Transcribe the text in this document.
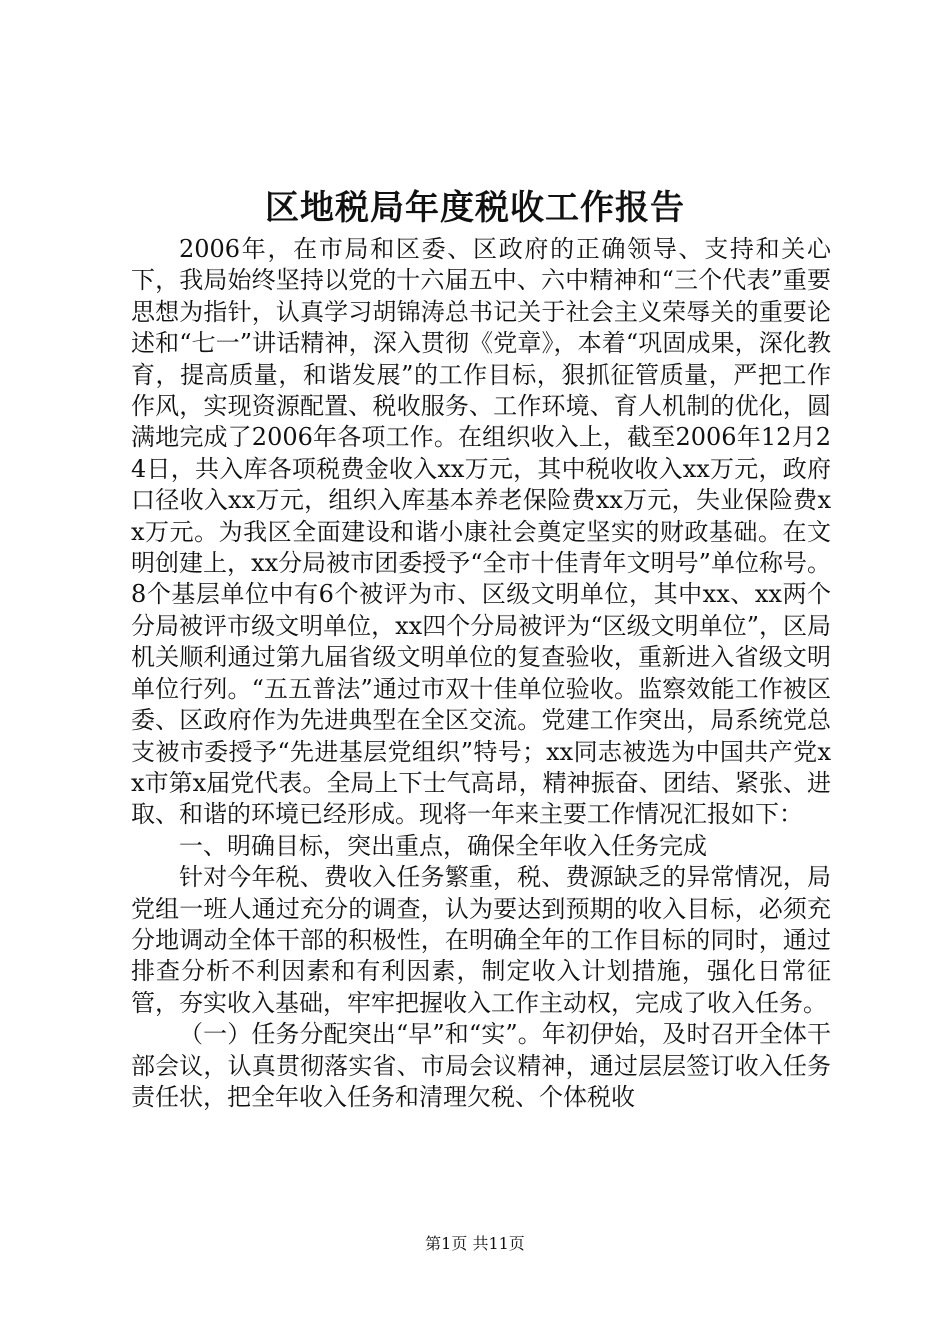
区地税局年度税收工作报告

2006年，在市局和区委、区政府的正确领导、支持和关心下，我局始终坚持以党的十六届五中、六中精神和“三个代表”重要思想为指针，认真学习胡锦涛总书记关于社会主义荣辱关的重要论述和“七一”讲话精神，深入贯彻《党章》，本着“巩固成果，深化教育，提高质量，和谐发展”的工作目标，狠抓征管质量，严把工作作风，实现资源配置、税收服务、工作环境、育人机制的优化，圆满地完成了2006年各项工作。在组织收入上，截至2006年12月24日，共入库各项税费金收入xx万元，其中税收收入xx万元，政府口径收入xx万元，组织入库基本养老保险费xx万元，失业保险费xx万元。为我区全面建设和谐小康社会奠定坚实的财政基础。在文明创建上，xx分局被市团委授予“全市十佳青年文明号”单位称号。8个基层单位中有6个被评为市、区级文明单位，其中xx、xx两个分局被评市级文明单位，xx四个分局被评为“区级文明单位”，区局机关顺利通过第九届省级文明单位的复查验收，重新进入省级文明单位行列。“五五普法”通过市双十佳单位验收。监察效能工作被区委、区政府作为先进典型在全区交流。党建工作突出，局系统党总支被市委授予“先进基层党组织”特号；xx同志被选为中国共产党xx市第x届党代表。全局上下士气高昂，精神振奋、团结、紧张、进取、和谐的环境已经形成。现将一年来主要工作情况汇报如下：

一、明确目标，突出重点，确保全年收入任务完成

针对今年税、费收入任务繁重，税、费源缺乏的异常情况，局党组一班人通过充分的调查，认为要达到预期的收入目标，必须充分地调动全体干部的积极性，在明确全年的工作目标的同时，通过排查分析不利因素和有利因素，制定收入计划措施，强化日常征管，夯实收入基础，牢牢把握收入工作主动权，完成了收入任务。

（一）任务分配突出“早”和“实”。年初伊始，及时召开全体干部会议，认真贯彻落实省、市局会议精神，通过层层签订收入任务责任状，把全年收入任务和清理欠税、个体税收

第1页 共11页
